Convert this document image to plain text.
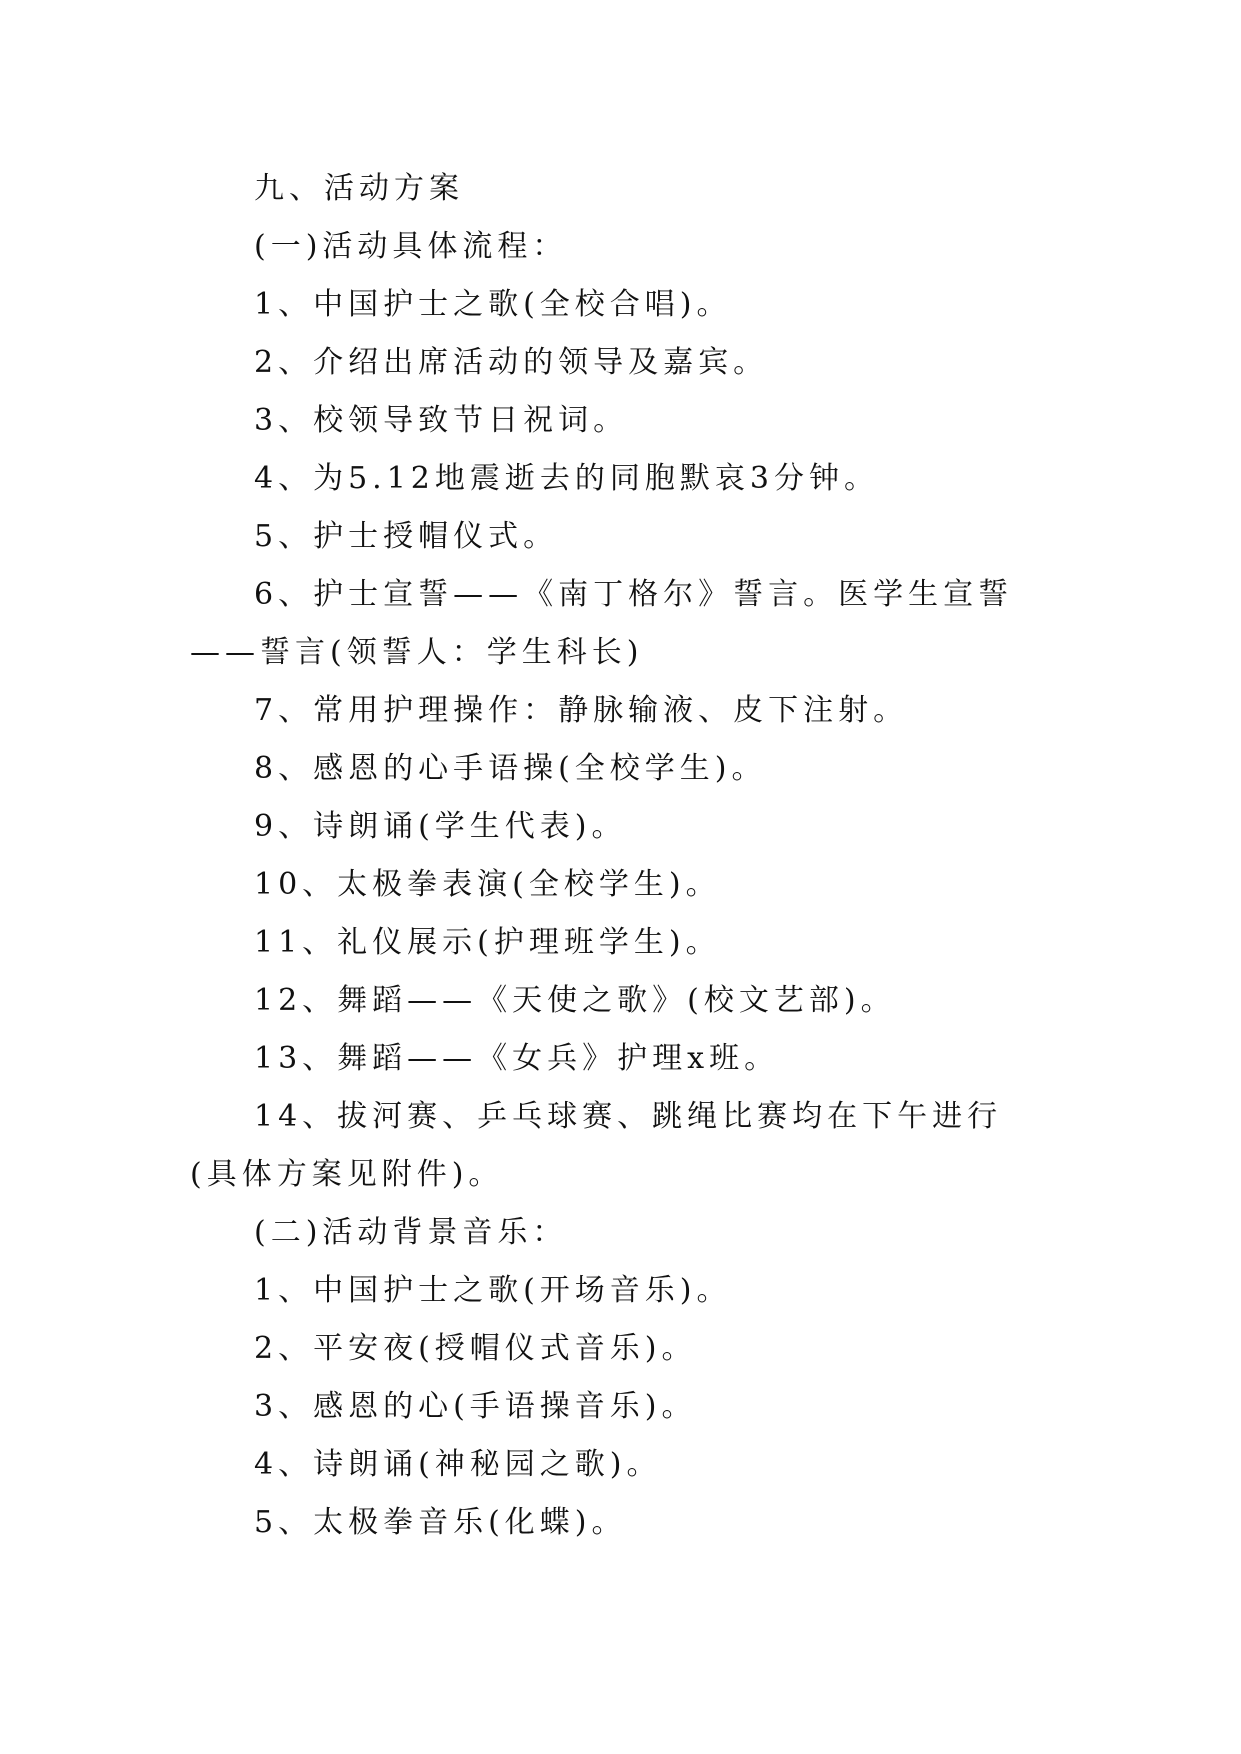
九、活动方案

(一)活动具体流程：

1、中国护士之歌(全校合唱)。

2、介绍出席活动的领导及嘉宾。

3、校领导致节日祝词。

4、为5.12地震逝去的同胞默哀3分钟。

5、护士授帽仪式。

6、护士宣誓——《南丁格尔》誓言。医学生宣誓——誓言(领誓人：学生科长)

7、常用护理操作：静脉输液、皮下注射。

8、感恩的心手语操(全校学生)。

9、诗朗诵(学生代表)。

10、太极拳表演(全校学生)。

11、礼仪展示(护理班学生)。

12、舞蹈——《天使之歌》(校文艺部)。

13、舞蹈——《女兵》护理x班。

14、拔河赛、乒乓球赛、跳绳比赛均在下午进行(具体方案见附件)。

(二)活动背景音乐：

1、中国护士之歌(开场音乐)。

2、平安夜(授帽仪式音乐)。

3、感恩的心(手语操音乐)。

4、诗朗诵(神秘园之歌)。

5、太极拳音乐(化蝶)。
